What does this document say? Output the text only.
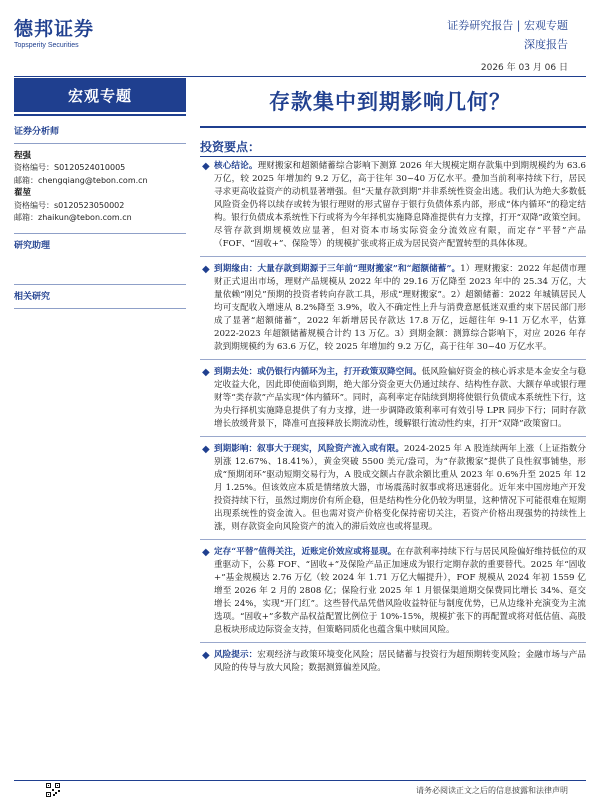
德邦证券
Topsperity Securities
证券研究报告 | 宏观专题
深度报告
2026 年 03 月 06 日
宏观专题	存款集中到期影响几何？
证券分析师
程强
资格编号：S0120524010005
邮箱：chengqiang@tebon.com.cn
翟堃
资格编号：s0120523050002
邮箱：zhaikun@tebon.com.cn
研究助理
相关研究
投资要点：
◆ 核心结论。理财搬家和超额储蓄综合影响下测算 2026 年大规模定期存款集中到期规模约为 63.6 万亿，较 2025 年增加约 9.2 万亿，高于往年 30~40 万亿水平。叠加当前利率持续下行，居民寻求更高收益资产的动机显著增强。但“天量存款到期”并非系统性资金出逃。我们认为绝大多数低风险资金仍将以续存或转为银行理财的形式留存于银行负债体系内部，形成“体内循环”的稳定结构。银行负债成本系统性下行或将为今年择机实施降息降准提供有力支撑，打开“双降”政策空间。尽管存款到期规模效应显著，但对资本市场实际资金分流效应有限，而定存“平替”产品（FOF、“固收+”、保险等）的规模扩张或将正成为居民资产配置转型的具体体现。
◆ 到期缘由：大量存款到期源于三年前“理财搬家”和“超额储蓄”。1）理财搬家：2022 年起债市理财正式退出市场，理财产品规模从 2022 年中的 29.16 万亿降至 2023 年中的 25.34 万亿，大量依赖“刚兑”预期的投资者转向存款工具，形成“理财搬家”。2）超额储蓄：2022 年城镇居民人均可支配收入增速从 8.2%降至 3.9%，收入不确定性上升与消费意愿低迷双重约束下居民部门形成了显著“超额储蓄”，2022 年新增居民存款达 17.8 万亿，远超往年 9-11 万亿水平，估算 2022-2023 年超额储蓄规模合计约 13 万亿。3）到期金额：测算综合影响下，对应 2026 年存款到期规模约为 63.6 万亿，较 2025 年增加约 9.2 万亿，高于往年 30~40 万亿水平。
◆ 到期去处：或仍银行内循环为主，打开政策双降空间。低风险偏好资金的核心诉求是本金安全与稳定收益大化，因此即使面临到期，绝大部分资金更大仍通过续存、结构性存款、大额存单或银行理财等“类存款”产品实现“体内循环”。同时，高利率定存陆续到期将使银行负债成本系统性下行，这为央行择机实施降息提供了有力支撑，进一步调降政策利率可有效引导 LPR 同步下行；同时存款增长放缓背景下，降准可直接释放长期流动性，缓解银行流动性约束，打开“双降”政策窗口。
◆ 到期影响：叙事大于现实，风险资产流入或有限。2024-2025 年 A 股连续两年上涨（上证指数分别涨 12.67%、18.41%），黄金突破 5500 美元/盎司，为“存款搬家”提供了良性叙事铺垫，形成“预期闭环”驱动短期交易行为，A 股成交额占存款余额比重从 2023 年 0.6%升至 2025 年 12 月 1.25%。但该效应本质是情绪放大器，市场震荡时叙事或将迅速弱化。近年来中国房地产开发投资持续下行，虽然过期房价有所企稳，但是结构性分化仍较为明显，这种情况下可能很难在短期出现系统性的资金流入。但也需对资产价格变化保持密切关注，若资产价格出现强势的持续性上涨，则存款资金向风险资产的流入的滞后效应也或将显现。
◆ 定存“平替”值得关注，近账定价效应或将显现。在存款利率持续下行与居民风险偏好维持低位的双重驱动下，公募 FOF、“固收+”及保险产品正加速成为银行定期存款的重要替代。2025 年“固收+”基金规模达 2.76 万亿（较 2024 年 1.71 万亿大幅提升），FOF 规模从 2024 年初 1559 亿增至 2026 年 2 月的 2808 亿；保险行业 2025 年 1 月银保渠道期交保费同比增长 34%、趸交增长 24%，实现“开门红”。这些替代品凭借风险收益特征与制度优势，已从边缘补充演变为主流选项。“固收+”多数产品权益配置比例位于 10%-15%，规模扩张下的再配置或将对低估值、高股息板块形成边际资金支持，但策略同质化也蕴含集中赎回风险。
◆ 风险提示：宏观经济与政策环境变化风险；居民储蓄与投资行为超预期转变风险；金融市场与产品风险的传导与放大风险；数据测算偏差风险。
请务必阅读正文之后的信息披露和法律声明
